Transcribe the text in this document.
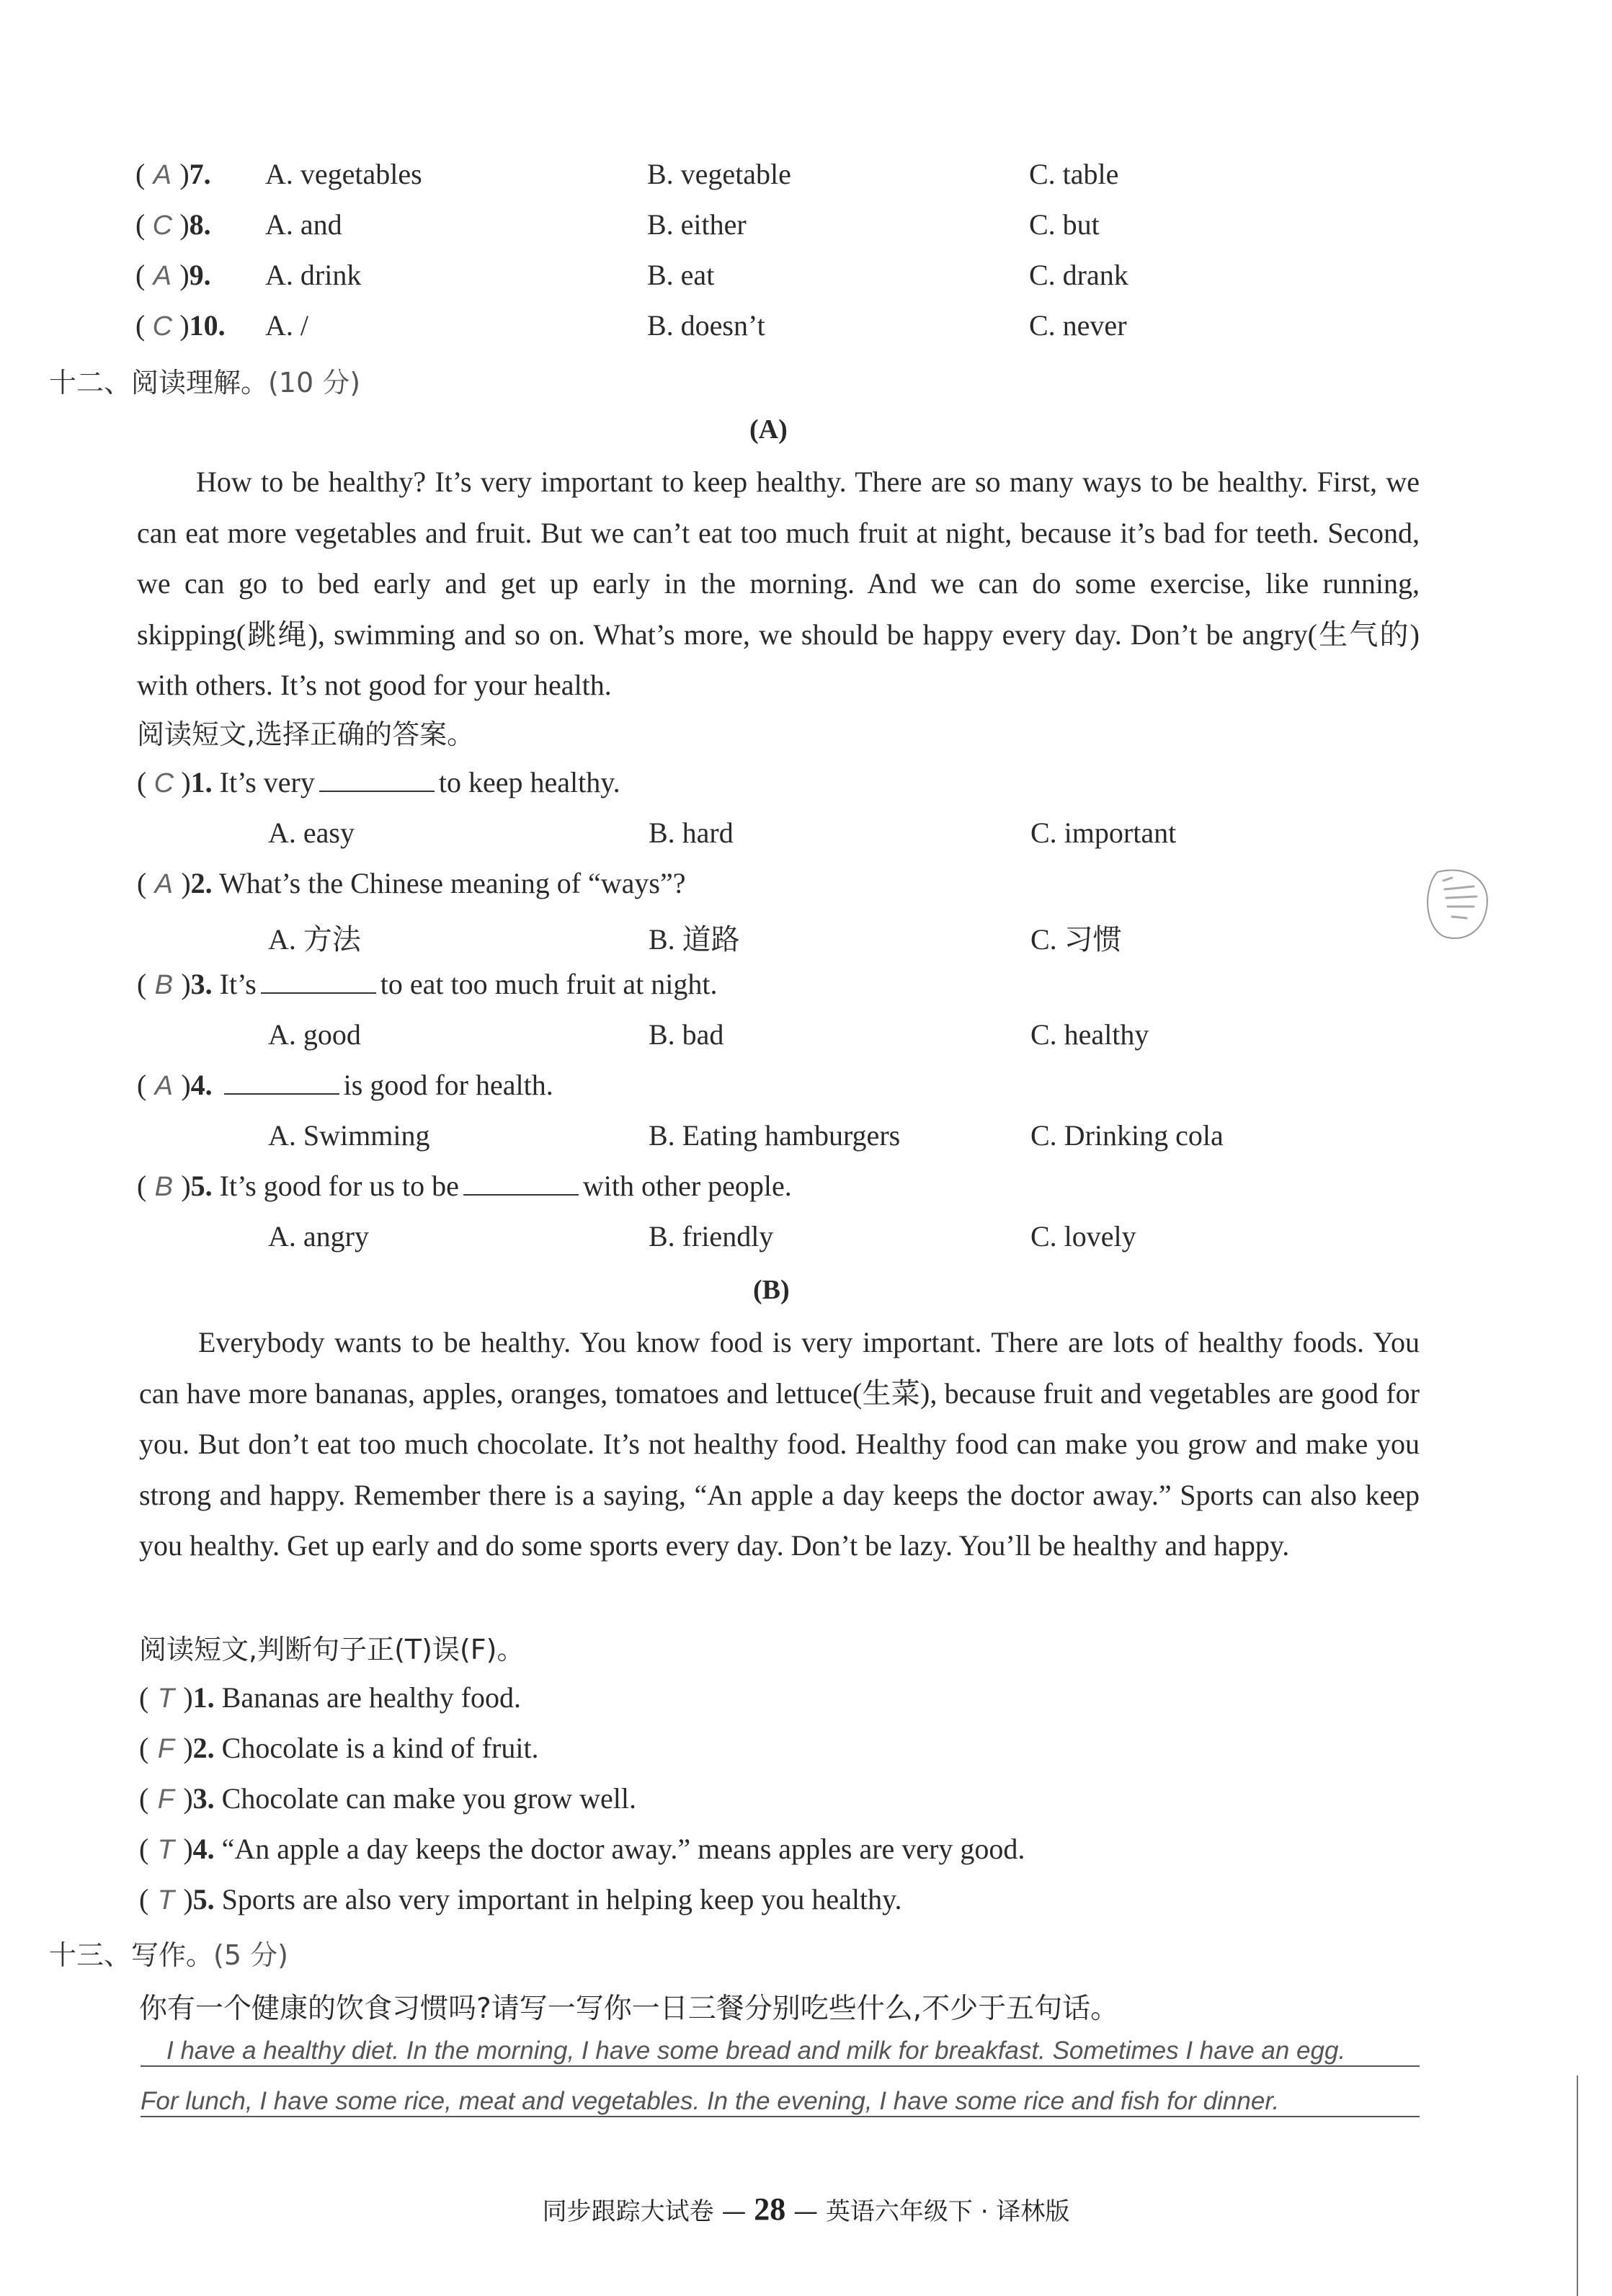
( A )7. A. vegetables	B. vegetable	C. table
( C )8. A. and	B. either	C. but
( A )9. A. drink	B. eat	C. drank
( C )10. A. /	B. doesn’t	C. never
十二、阅读理解。(10 分)
(A)
How to be healthy? It’s very important to keep healthy. There are so many ways to be healthy. First, we can eat more vegetables and fruit. But we can’t eat too much fruit at night, because it’s bad for teeth. Second, we can go to bed early and get up early in the morning. And we can do some exercise, like running, skipping(跳绳), swimming and so on. What’s more, we should be happy every day. Don’t be angry(生气的) with others. It’s not good for your health.
阅读短文,选择正确的答案。
( C )1. It’s very	to keep healthy.
A. easy	B. hard	C. important
( A )2. What’s the Chinese meaning of “ways”?
A. 方法	B. 道路	C. 习惯
( B )3. It’s	to eat too much fruit at night.
A. good	B. bad	C. healthy
( A )4.	is good for health.
A. Swimming	B. Eating hamburgers	C. Drinking cola
( B )5. It’s good for us to be	with other people.
A. angry	B. friendly	C. lovely
(B)
Everybody wants to be healthy. You know food is very important. There are lots of healthy foods. You can have more bananas, apples, oranges, tomatoes and lettuce(生菜), because fruit and vegetables are good for you. But don’t eat too much chocolate. It’s not healthy food. Healthy food can make you grow and make you strong and happy. Remember there is a saying, “An apple a day keeps the doctor away.” Sports can also keep you healthy. Get up early and do some sports every day. Don’t be lazy. You’ll be healthy and happy.
阅读短文,判断句子正(T)误(F)。
( T )1. Bananas are healthy food.
( F )2. Chocolate is a kind of fruit.
( F )3. Chocolate can make you grow well.
( T )4. “An apple a day keeps the doctor away.” means apples are very good.
( T )5. Sports are also very important in helping keep you healthy.
十三、写作。(5 分)
你有一个健康的饮食习惯吗?请写一写你一日三餐分别吃些什么,不少于五句话。
I have a healthy diet. In the morning, I have some bread and milk for breakfast. Sometimes I have an egg.
For lunch, I have some rice, meat and vegetables. In the evening, I have some rice and fish for dinner.
同步跟踪大试卷 — 28 — 英语六年级下 · 译林版
